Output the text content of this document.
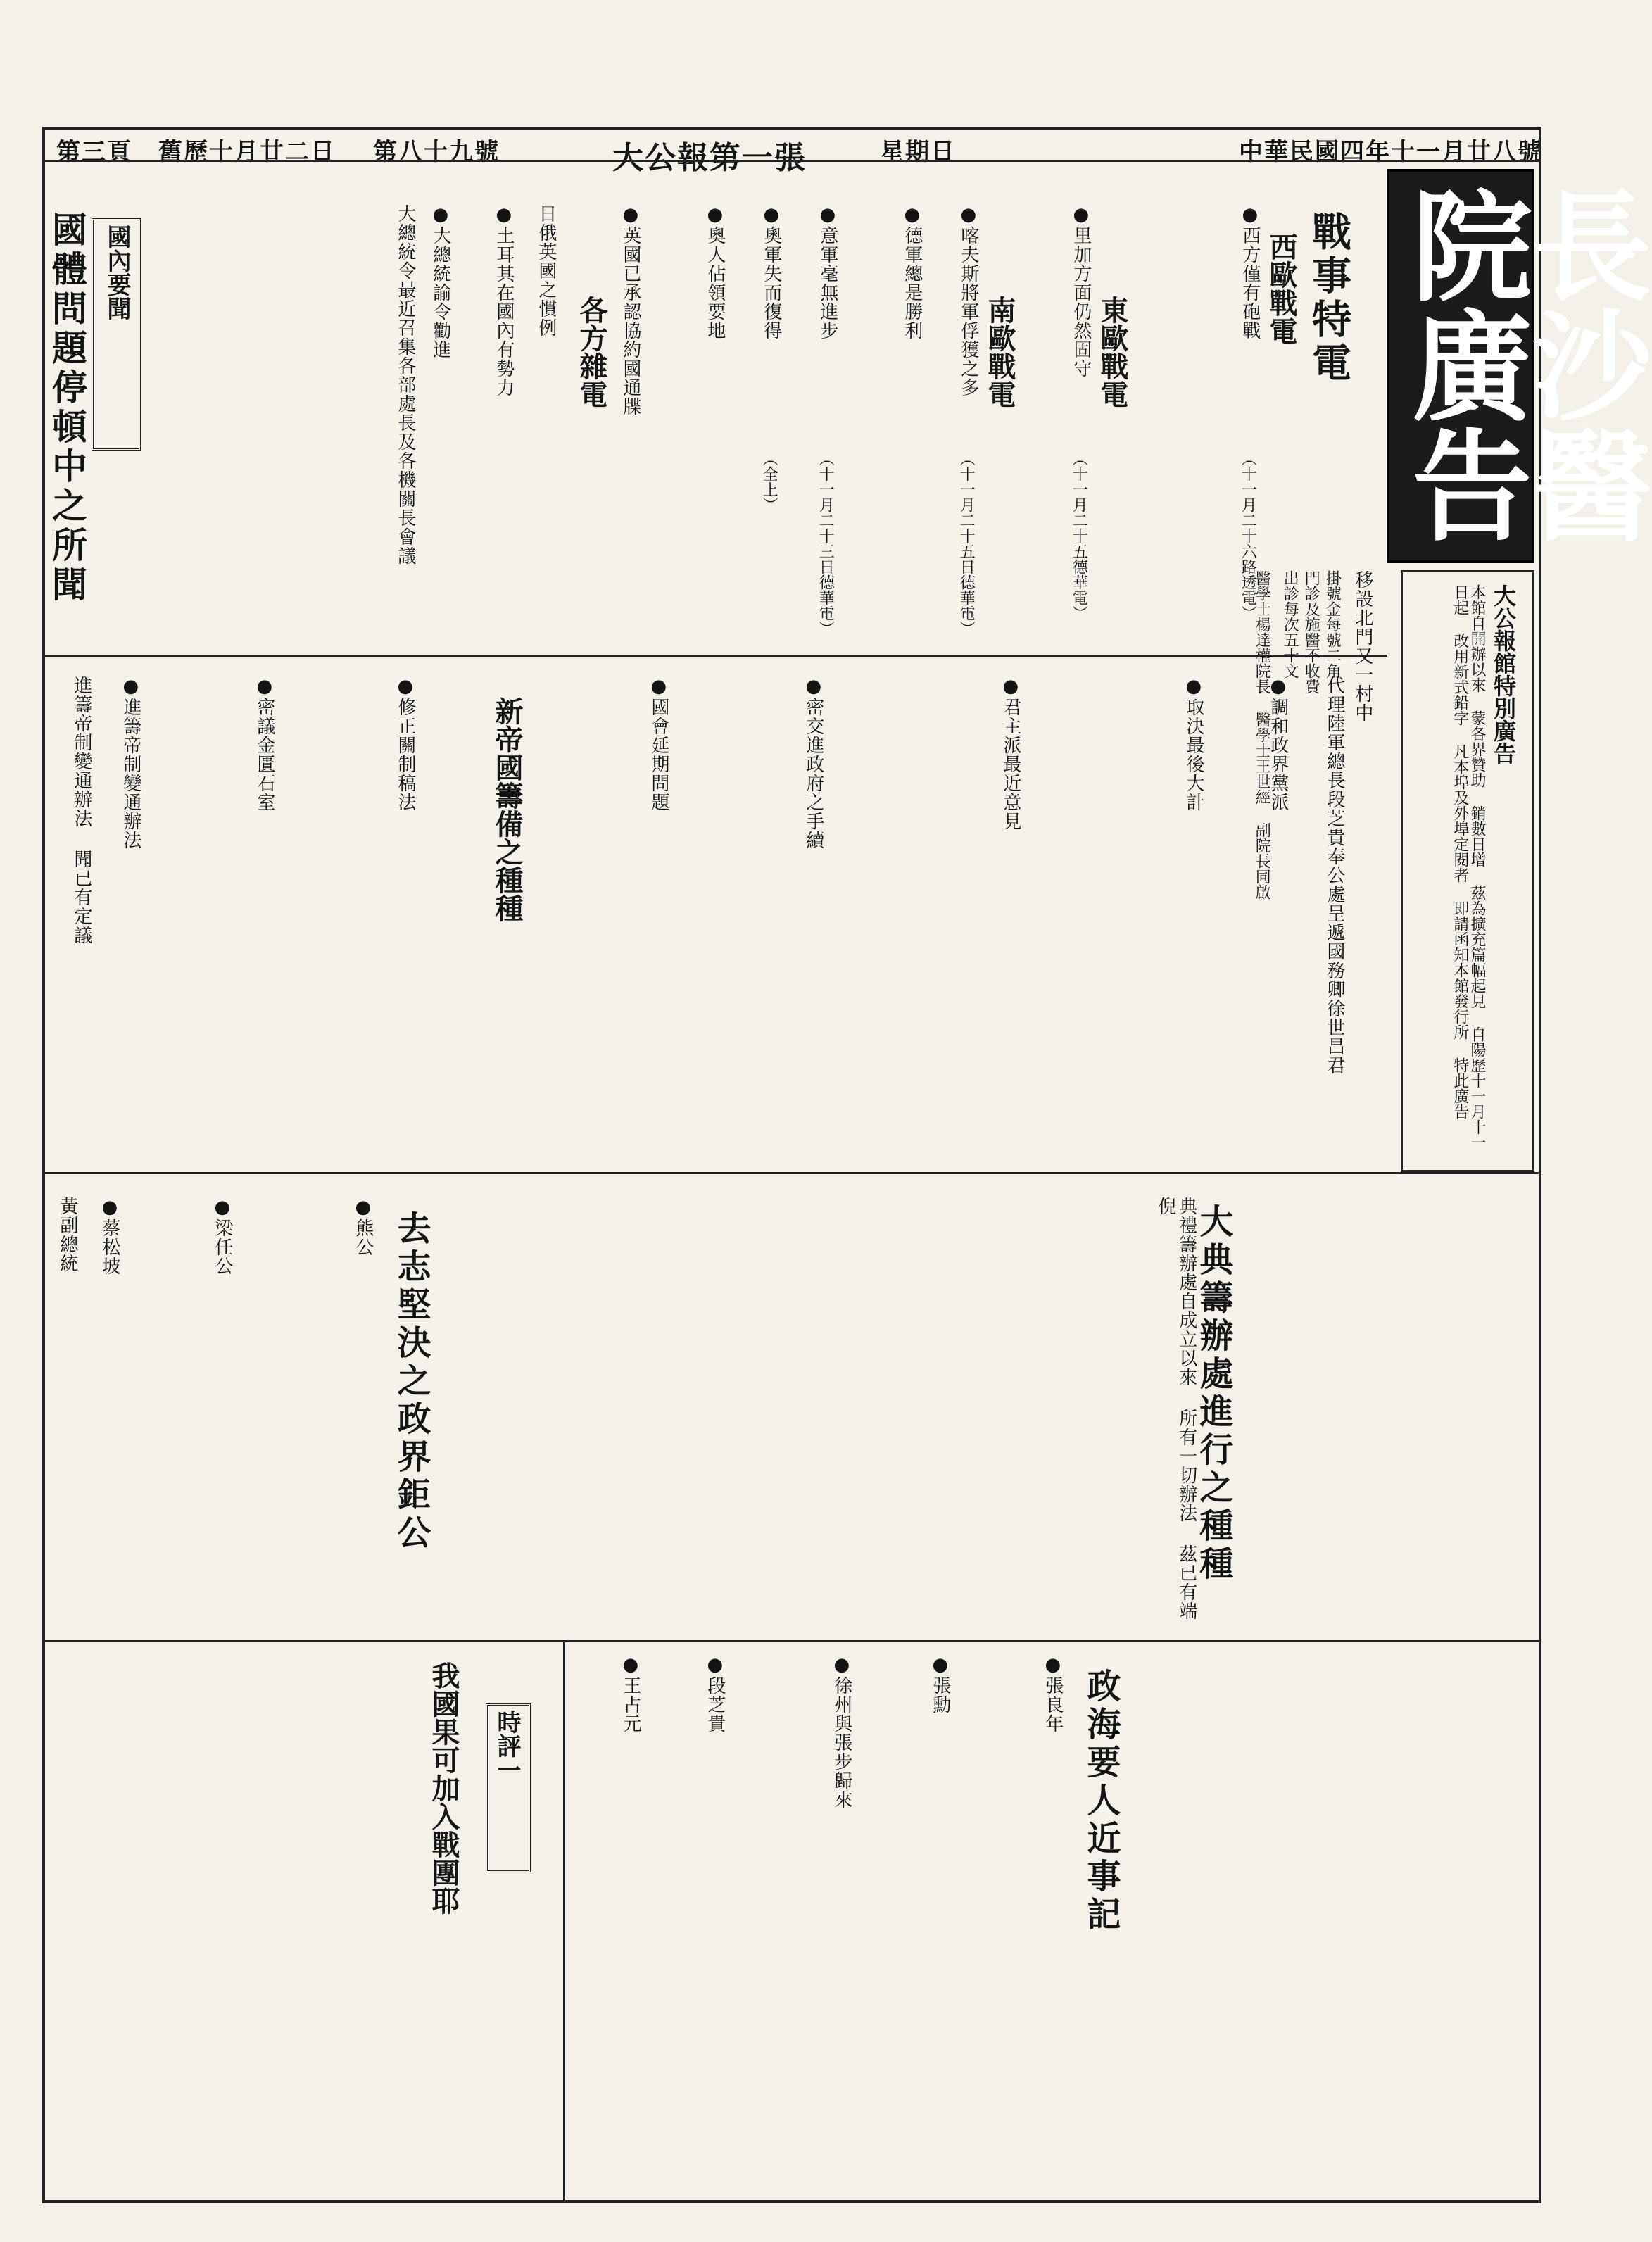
中華民國四年十一月廿八號
星期日
大公報第一張
第八十九號
舊歷十月廿二日
第三頁
長沙醫院廣告
移設北門又一村中
掛號金每號二角
門診及施醫不收費
出診每次五十文
醫學士楊達權院長 醫學士王世經 副院長同啟
戰事特電
西歐戰電
● 西方僅有砲戰
（十一月二十六路透電）
東歐戰電
● 里加方面仍然固守
（十一月二十五德華電）
南歐戰電
● 喀夫斯將軍俘獲之多
（十一月二十五日德華電）
● 德軍總是勝利
● 意軍毫無進步
（十一月二十三日德華電）
● 奧軍失而復得
（全上）
● 奧人佔領要地
各方雜電 ● 英國已承認協約國通牒
日俄英國之慣例
● 土耳其在國內有勢力
國內要聞
國體問題停頓中之所聞	● 大總統諭令勸進
大總統令最近召集各部處長及各機關長會議
代理陸軍總長段芝貴奉公處呈遞國務卿徐世昌君
● 調和政界黨派
● 取決最後大計
● 君主派最近意見
● 密交進政府之手續
● 國會延期問題
新帝國籌備之種種
● 修正關制稿法
● 密議金匱石室
● 進籌帝制變通辦法
進籌帝制變通辦法 聞已有定議
大公報館特別廣告
本館自開辦以來 蒙各界贊助 銷數日增 茲為擴充篇幅起見 自陽歷十一月十一日起 改用新式鉛字 凡本埠及外埠定閱者 即請函知本館發行所 特此廣告
大典籌辦處進行之種種
典禮籌辦處自成立以來 所有一切辦法 茲已有端倪
去志堅決之政界鉅公
● 熊公
● 梁任公
● 蔡松坡
黃副總統
政海要人近事記
● 張良年
● 張勳
● 徐州與張步歸來
● 段芝貴
● 王占元
時評一
我國果可加入戰團耶
